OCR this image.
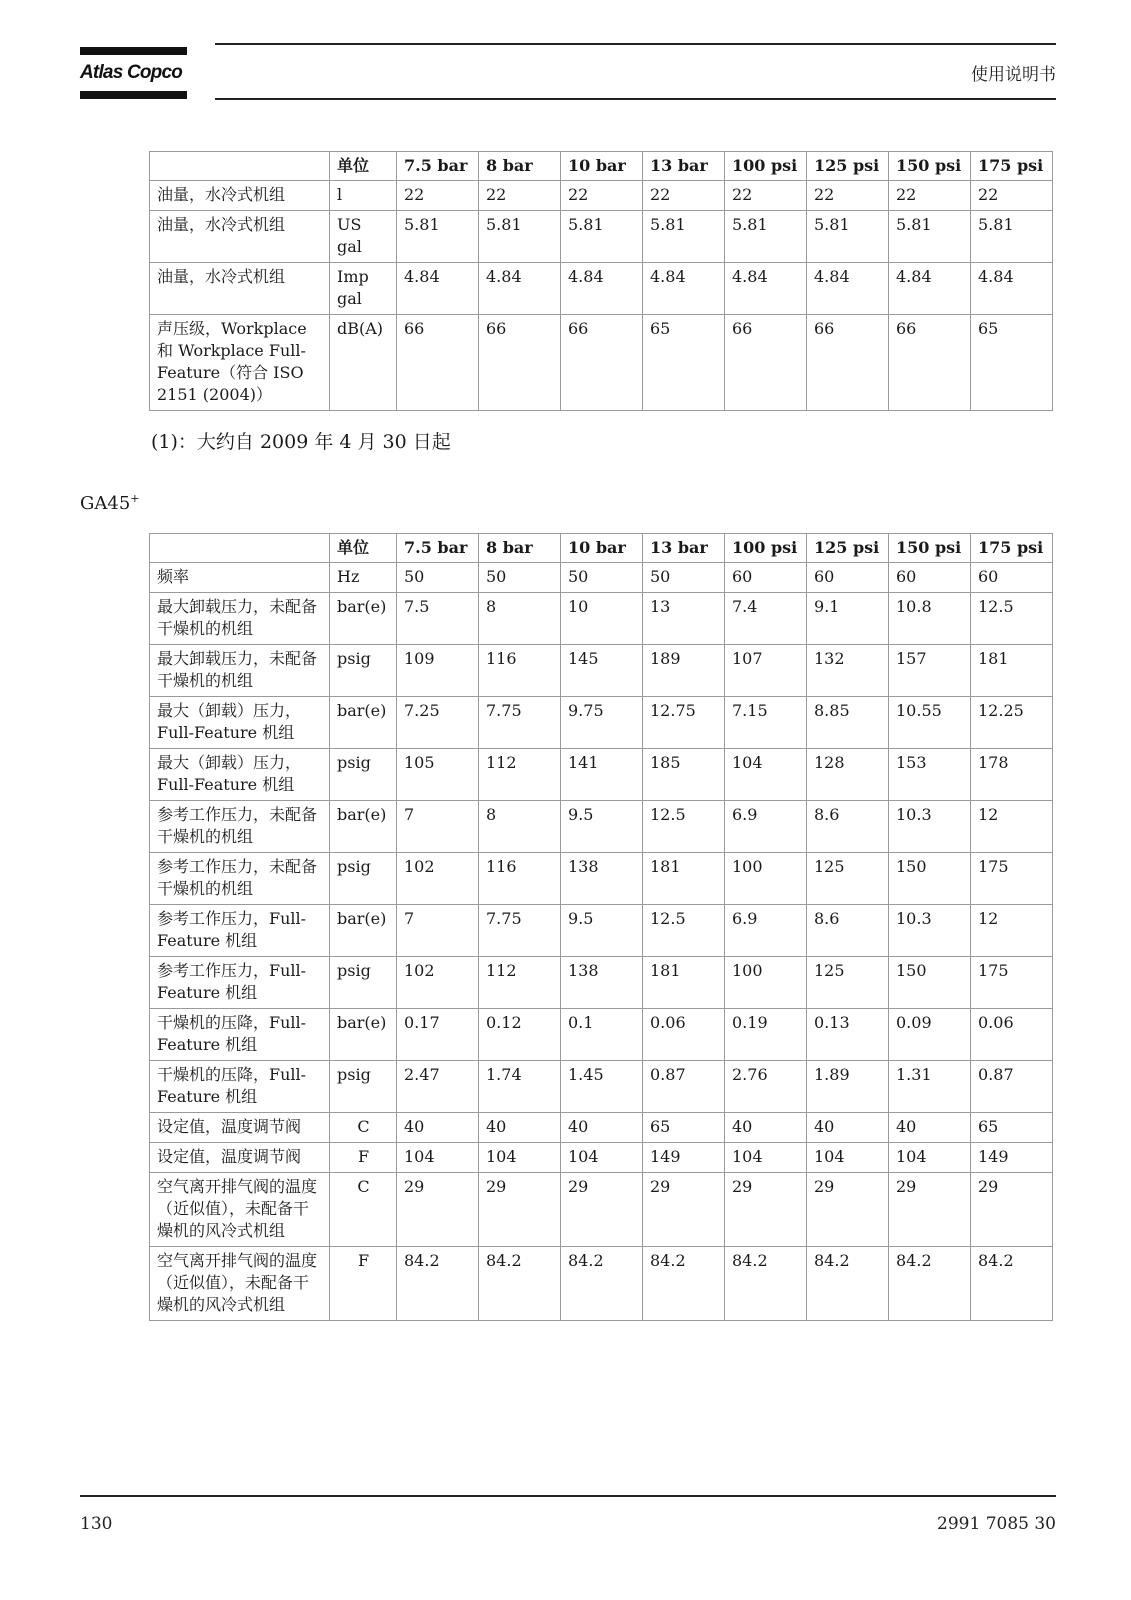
Atlas Copco	使用说明书
	单位	7.5 bar	8 bar	10 bar	13 bar	100 psi	125 psi	150 psi	175 psi
油量，水冷式机组	l	22	22	22	22	22	22	22	22
油量，水冷式机组	US gal	5.81	5.81	5.81	5.81	5.81	5.81	5.81	5.81
油量，水冷式机组	Imp gal	4.84	4.84	4.84	4.84	4.84	4.84	4.84	4.84
声压级，Workplace 和 Workplace Full-Feature（符合 ISO 2151 (2004)）	dB(A)	66	66	66	65	66	66	66	65
(1)：大约自 2009 年 4 月 30 日起
GA45+
	单位	7.5 bar	8 bar	10 bar	13 bar	100 psi	125 psi	150 psi	175 psi
频率	Hz	50	50	50	50	60	60	60	60
最大卸载压力，未配备干燥机的机组	bar(e)	7.5	8	10	13	7.4	9.1	10.8	12.5
最大卸载压力，未配备干燥机的机组	psig	109	116	145	189	107	132	157	181
最大（卸载）压力，Full-Feature 机组	bar(e)	7.25	7.75	9.75	12.75	7.15	8.85	10.55	12.25
最大（卸载）压力，Full-Feature 机组	psig	105	112	141	185	104	128	153	178
参考工作压力，未配备干燥机的机组	bar(e)	7	8	9.5	12.5	6.9	8.6	10.3	12
参考工作压力，未配备干燥机的机组	psig	102	116	138	181	100	125	150	175
参考工作压力，Full-Feature 机组	bar(e)	7	7.75	9.5	12.5	6.9	8.6	10.3	12
参考工作压力，Full-Feature 机组	psig	102	112	138	181	100	125	150	175
干燥机的压降，Full-Feature 机组	bar(e)	0.17	0.12	0.1	0.06	0.19	0.13	0.09	0.06
干燥机的压降，Full-Feature 机组	psig	2.47	1.74	1.45	0.87	2.76	1.89	1.31	0.87
设定值，温度调节阀	C	40	40	40	65	40	40	40	65
设定值，温度调节阀	F	104	104	104	149	104	104	104	149
空气离开排气阀的温度（近似值），未配备干燥机的风冷式机组	C	29	29	29	29	29	29	29	29
空气离开排气阀的温度（近似值），未配备干燥机的风冷式机组	F	84.2	84.2	84.2	84.2	84.2	84.2	84.2	84.2
130	2991 7085 30
